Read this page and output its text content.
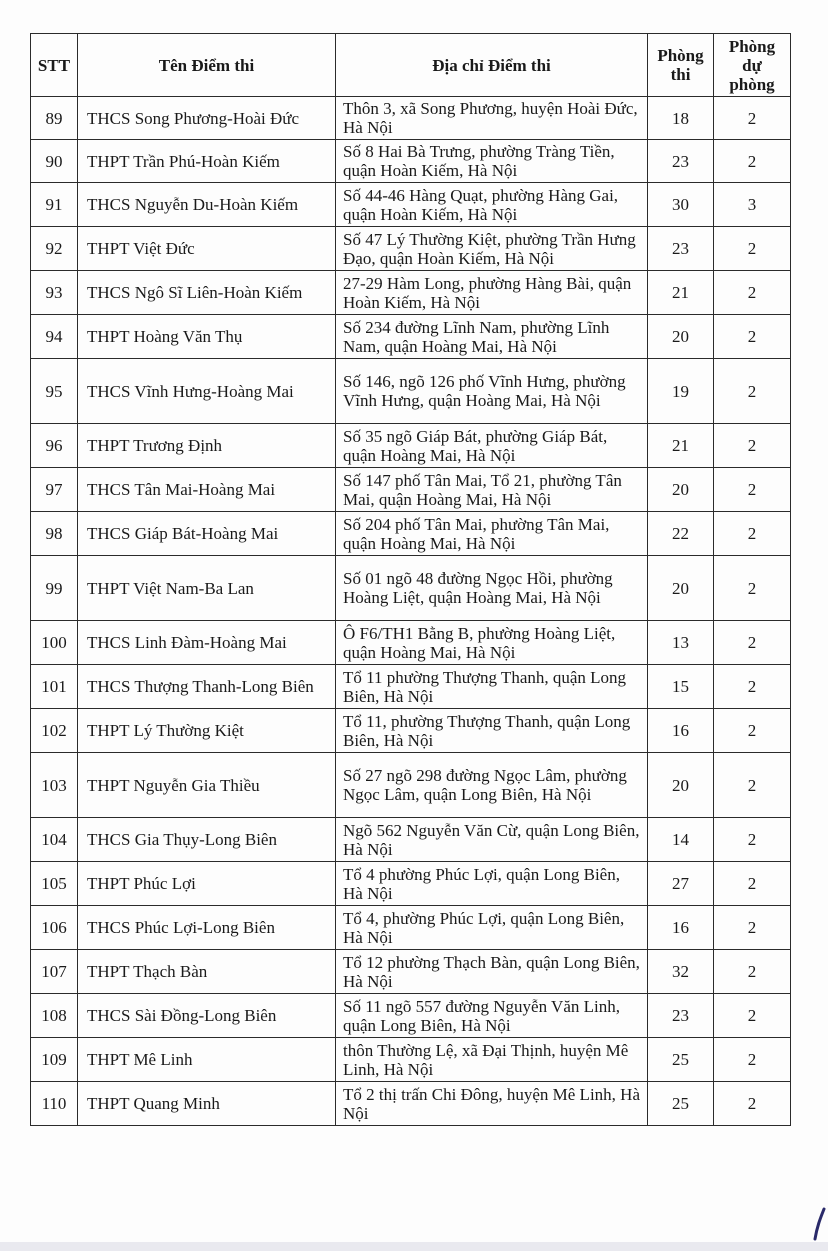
STT	Tên Điểm thi	Địa chỉ Điểm thi	Phòng thi	Phòng dự phòng
89	THCS Song Phương-Hoài Đức	Thôn 3, xã Song Phương, huyện Hoài Đức, Hà Nội	18	2
90	THPT Trần Phú-Hoàn Kiếm	Số 8 Hai Bà Trưng, phường Tràng Tiền, quận Hoàn Kiếm, Hà Nội	23	2
91	THCS Nguyễn Du-Hoàn Kiếm	Số 44-46 Hàng Quạt, phường Hàng Gai, quận Hoàn Kiếm, Hà Nội	30	3
92	THPT Việt Đức	Số 47 Lý Thường Kiệt, phường Trần Hưng Đạo, quận Hoàn Kiếm, Hà Nội	23	2
93	THCS Ngô Sĩ Liên-Hoàn Kiếm	27-29 Hàm Long, phường Hàng Bài, quận Hoàn Kiếm, Hà Nội	21	2
94	THPT Hoàng Văn Thụ	Số 234 đường Lĩnh Nam, phường Lĩnh Nam, quận Hoàng Mai, Hà Nội	20	2
95	THCS Vĩnh Hưng-Hoàng Mai	Số 146, ngõ 126 phố Vĩnh Hưng, phường Vĩnh Hưng, quận Hoàng Mai, Hà Nội	19	2
96	THPT Trương Định	Số 35 ngõ Giáp Bát, phường Giáp Bát, quận Hoàng Mai, Hà Nội	21	2
97	THCS Tân Mai-Hoàng Mai	Số 147 phố Tân Mai, Tổ 21, phường Tân Mai, quận Hoàng Mai, Hà Nội	20	2
98	THCS Giáp Bát-Hoàng Mai	Số 204 phố Tân Mai, phường Tân Mai, quận Hoàng Mai, Hà Nội	22	2
99	THPT Việt Nam-Ba Lan	Số 01 ngõ 48 đường Ngọc Hồi, phường Hoàng Liệt, quận Hoàng Mai, Hà Nội	20	2
100	THCS Linh Đàm-Hoàng Mai	Ô F6/TH1 Bằng B, phường Hoàng Liệt, quận Hoàng Mai, Hà Nội	13	2
101	THCS Thượng Thanh-Long Biên	Tổ 11 phường Thượng Thanh, quận Long Biên, Hà Nội	15	2
102	THPT Lý Thường Kiệt	Tổ 11, phường Thượng Thanh, quận Long Biên, Hà Nội	16	2
103	THPT Nguyễn Gia Thiều	Số 27 ngõ 298 đường Ngọc Lâm, phường Ngọc Lâm, quận Long Biên, Hà Nội	20	2
104	THCS Gia Thụy-Long Biên	Ngõ 562 Nguyễn Văn Cừ, quận Long Biên, Hà Nội	14	2
105	THPT Phúc Lợi	Tổ 4 phường Phúc Lợi, quận Long Biên, Hà Nội	27	2
106	THCS Phúc Lợi-Long Biên	Tổ 4, phường Phúc Lợi, quận Long Biên, Hà Nội	16	2
107	THPT Thạch Bàn	Tổ 12 phường Thạch Bàn, quận Long Biên, Hà Nội	32	2
108	THCS Sài Đồng-Long Biên	Số 11 ngõ 557 đường Nguyễn Văn Linh, quận Long Biên, Hà Nội	23	2
109	THPT Mê Linh	thôn Thường Lệ, xã Đại Thịnh, huyện Mê Linh, Hà Nội	25	2
110	THPT Quang Minh	Tổ 2 thị trấn Chi Đông, huyện Mê Linh, Hà Nội	25	2
